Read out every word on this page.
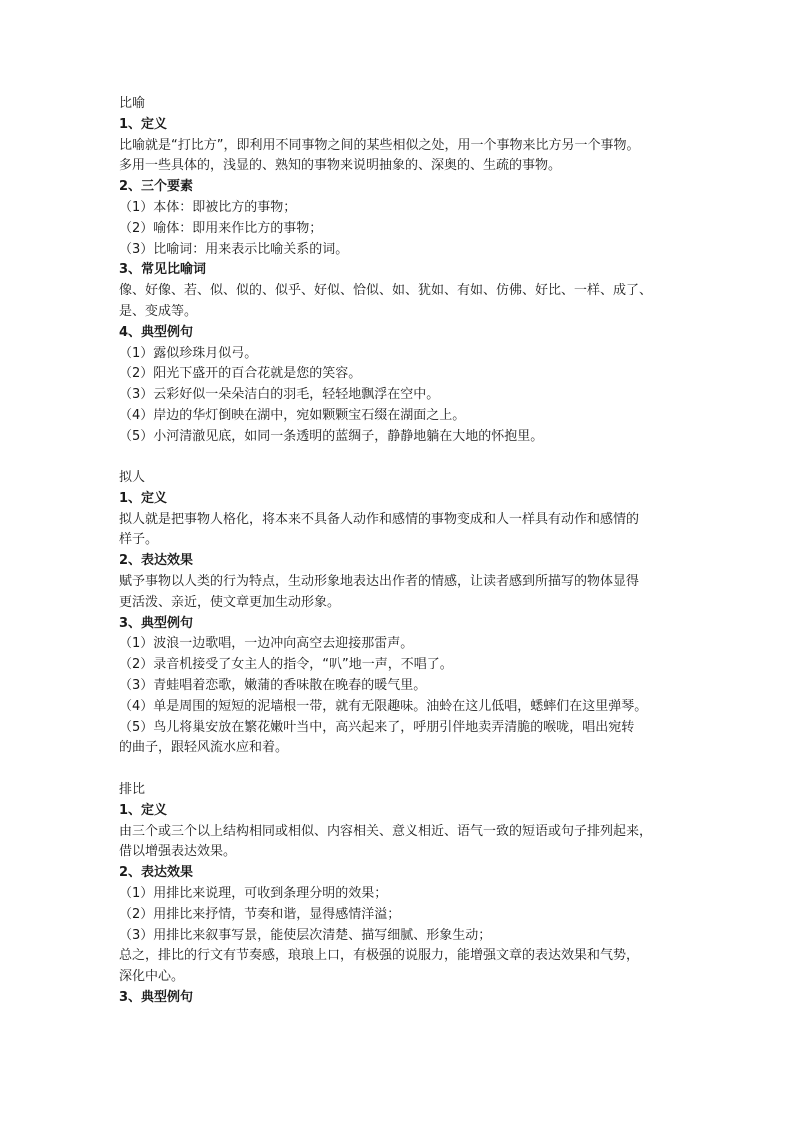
比喻
1、定义
比喻就是“打比方”，即利用不同事物之间的某些相似之处，用一个事物来比方另一个事物。
多用一些具体的，浅显的、熟知的事物来说明抽象的、深奥的、生疏的事物。
2、三个要素
（1）本体：即被比方的事物；
（2）喻体：即用来作比方的事物；
（3）比喻词：用来表示比喻关系的词。
3、常见比喻词
像、好像、若、似、似的、似乎、好似、恰似、如、犹如、有如、仿佛、好比、一样、成了、
是、变成等。
4、典型例句
（1）露似珍珠月似弓。
（2）阳光下盛开的百合花就是您的笑容。
（3）云彩好似一朵朵洁白的羽毛，轻轻地飘浮在空中。
（4）岸边的华灯倒映在湖中，宛如颗颗宝石缀在湖面之上。
（5）小河清澈见底，如同一条透明的蓝绸子，静静地躺在大地的怀抱里。
拟人
1、定义
拟人就是把事物人格化，将本来不具备人动作和感情的事物变成和人一样具有动作和感情的
样子。
2、表达效果
赋予事物以人类的行为特点，生动形象地表达出作者的情感，让读者感到所描写的物体显得
更活泼、亲近，使文章更加生动形象。
3、典型例句
（1）波浪一边歌唱，一边冲向高空去迎接那雷声。
（2）录音机接受了女主人的指令，“叭”地一声，不唱了。
（3）青蛙唱着恋歌，嫩蒲的香味散在晚春的暖气里。
（4）单是周围的短短的泥墙根一带，就有无限趣味。油蛉在这儿低唱，蟋蟀们在这里弹琴。
（5）鸟儿将巢安放在繁花嫩叶当中，高兴起来了，呼朋引伴地卖弄清脆的喉咙，唱出宛转
的曲子，跟轻风流水应和着。
排比
1、定义
由三个或三个以上结构相同或相似、内容相关、意义相近、语气一致的短语或句子排列起来，
借以增强表达效果。
2、表达效果
（1）用排比来说理，可收到条理分明的效果；
（2）用排比来抒情，节奏和谐，显得感情洋溢；
（3）用排比来叙事写景，能使层次清楚、描写细腻、形象生动；
总之，排比的行文有节奏感，琅琅上口，有极强的说服力，能增强文章的表达效果和气势，
深化中心。
3、典型例句
